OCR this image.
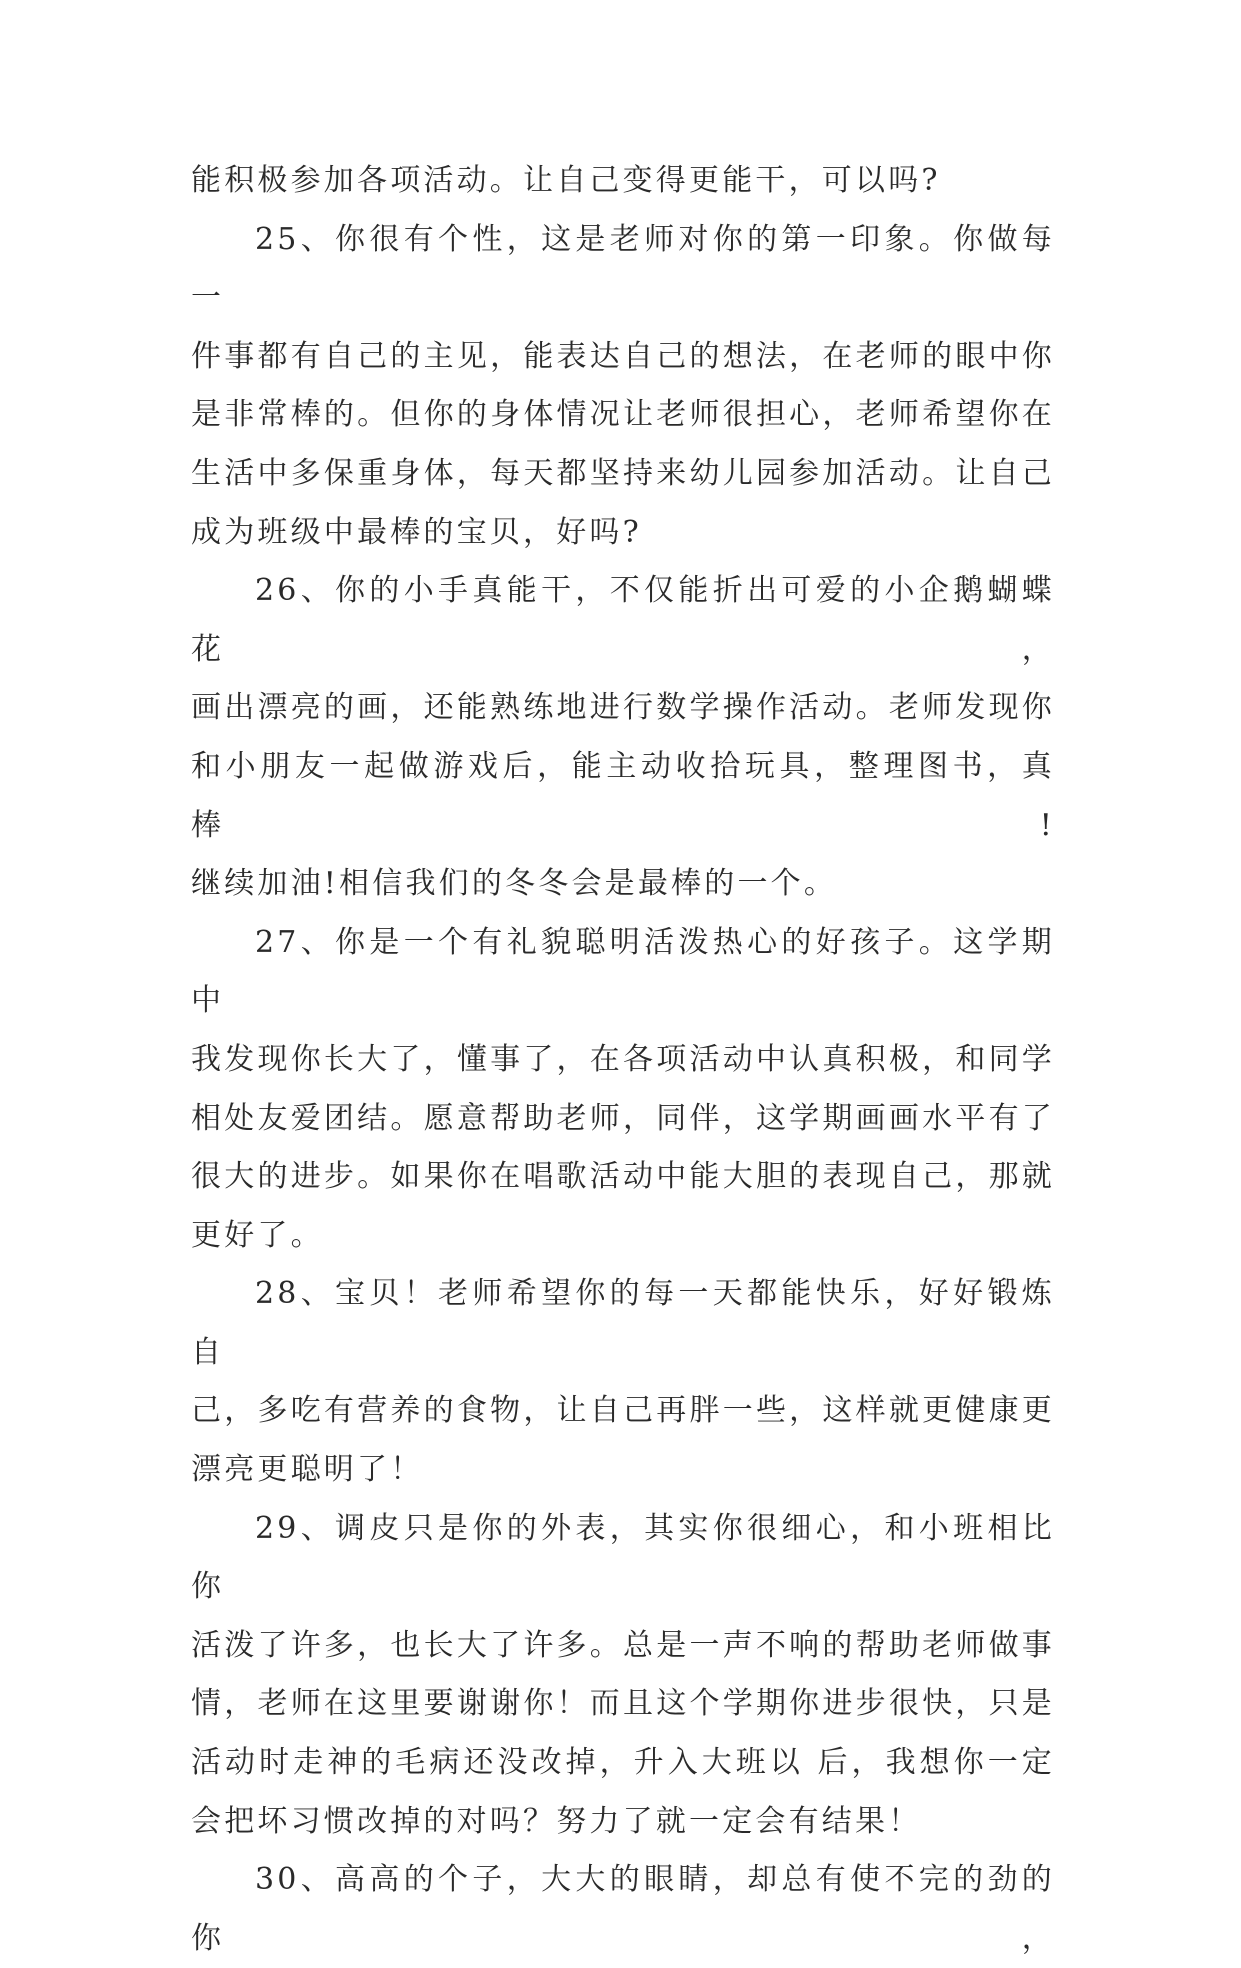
能积极参加各项活动。让自己变得更能干，可以吗?

25、你很有个性，这是老师对你的第一印象。你做每一
件事都有自己的主见，能表达自己的想法，在老师的眼中你
是非常棒的。但你的身体情况让老师很担心，老师希望你在
生活中多保重身体，每天都坚持来幼儿园参加活动。让自己
成为班级中最棒的宝贝，好吗?

26、你的小手真能干，不仅能折出可爱的小企鹅蝴蝶花，
画出漂亮的画，还能熟练地进行数学操作活动。老师发现你
和小朋友一起做游戏后，能主动收拾玩具，整理图书，真棒!
继续加油!相信我们的冬冬会是最棒的一个。

27、你是一个有礼貌聪明活泼热心的好孩子。这学期中
我发现你长大了，懂事了，在各项活动中认真积极，和同学
相处友爱团结。愿意帮助老师，同伴，这学期画画水平有了
很大的进步。如果你在唱歌活动中能大胆的表现自己，那就
更好了。

28、宝贝！老师希望你的每一天都能快乐，好好锻炼自
己，多吃有营养的食物，让自己再胖一些，这样就更健康更
漂亮更聪明了！

29、调皮只是你的外表，其实你很细心，和小班相比你
活泼了许多，也长大了许多。总是一声不响的帮助老师做事
情，老师在这里要谢谢你！而且这个学期你进步很快，只是
活动时走神的毛病还没改掉，升入大班以 后，我想你一定
会把坏习惯改掉的对吗？努力了就一定会有结果！

30、高高的个子，大大的眼睛，却总有使不完的劲的你，
